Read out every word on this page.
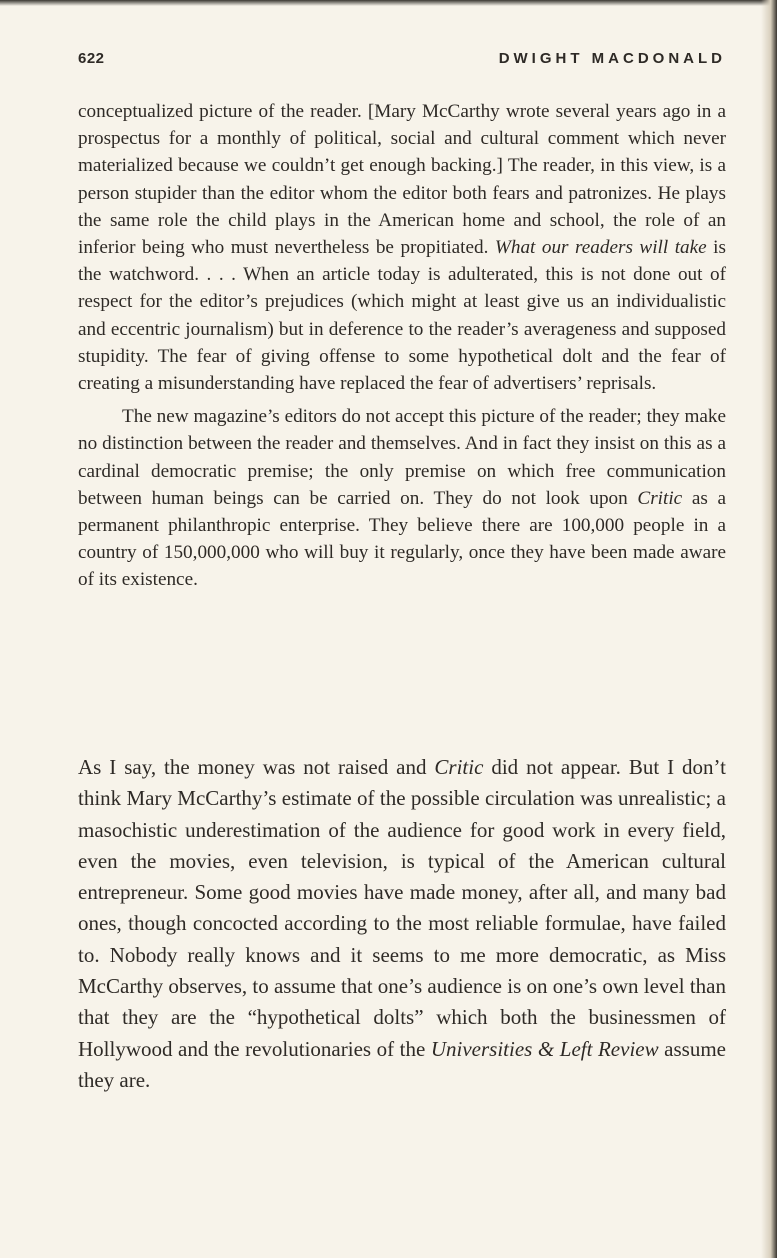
622	DWIGHT MACDONALD

conceptualized picture of the reader. [Mary McCarthy wrote several years ago in a prospectus for a monthly of political, social and cultural comment which never materialized because we couldn’t get enough backing.] The reader, in this view, is a person stupider than the editor whom the editor both fears and patronizes. He plays the same role the child plays in the American home and school, the role of an inferior being who must nevertheless be propitiated. What our readers will take is the watchword. . . . When an article today is adulterated, this is not done out of respect for the editor’s prejudices (which might at least give us an individualistic and eccentric journalism) but in deference to the reader’s averageness and supposed stupidity. The fear of giving offense to some hypothetical dolt and the fear of creating a misunderstanding have replaced the fear of advertisers’ reprisals.

The new magazine’s editors do not accept this picture of the reader; they make no distinction between the reader and themselves. And in fact they insist on this as a cardinal democratic premise; the only premise on which free communication between human beings can be carried on. They do not look upon Critic as a permanent philanthropic enterprise. They believe there are 100,000 people in a country of 150,000,000 who will buy it regularly, once they have been made aware of its existence.

As I say, the money was not raised and Critic did not appear. But I don’t think Mary McCarthy’s estimate of the possible circulation was unrealistic; a masochistic underestimation of the audience for good work in every field, even the movies, even television, is typical of the American cultural entrepreneur. Some good movies have made money, after all, and many bad ones, though concocted according to the most reliable formulae, have failed to. Nobody really knows and it seems to me more democratic, as Miss McCarthy observes, to assume that one’s audience is on one’s own level than that they are the “hypothetical dolts” which both the businessmen of Hollywood and the revolutionaries of the Universities & Left Review assume they are.
